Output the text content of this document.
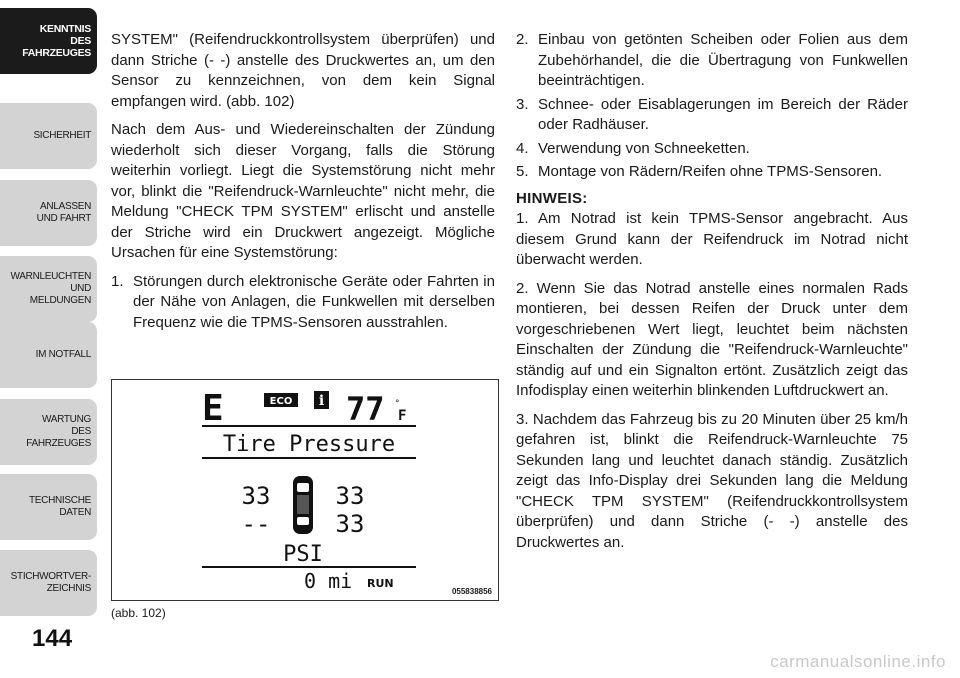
KENNTNIS
DES
FAHRZEUGES
SICHERHEIT
ANLASSEN
UND FAHRT
WARNLEUCHTEN
UND
MELDUNGEN
IM NOTFALL
WARTUNG
DES
FAHRZEUGES
TECHNISCHE
DATEN
STICHWORTVER-
ZEICHNIS
144

SYSTEM" (Reifendruckkontrollsystem überprüfen) und dann Striche (- -) anstelle des Druckwertes an, um den Sensor zu kennzeichnen, von dem kein Signal empfangen wird. (abb. 102)

Nach dem Aus- und Wiedereinschalten der Zündung wiederholt sich dieser Vorgang, falls die Störung weiterhin vorliegt. Liegt die Systemstörung nicht mehr vor, blinkt die "Reifendruck-Warnleuchte" nicht mehr, die Meldung "CHECK TPM SYSTEM" erlischt und anstelle der Striche wird ein Druckwert angezeigt. Mögliche Ursachen für eine Systemstörung:

1. Störungen durch elektronische Geräte oder Fahrten in der Nähe von Anlagen, die Funkwellen mit derselben Frequenz wie die TPMS-Sensoren ausstrahlen.
E	ECO i 77 °
F
Tire Pressure
33	33
--	33
PSI
0 mi RUN
055838856
(abb. 102)
2. Einbau von getönten Scheiben oder Folien aus dem Zubehörhandel, die die Übertragung von Funkwellen beeinträchtigen.
3. Schnee- oder Eisablagerungen im Bereich der Räder oder Radhäuser.
4. Verwendung von Schneeketten.
5. Montage von Rädern/Reifen ohne TPMS-Sensoren.
HINWEIS:

1. Am Notrad ist kein TPMS-Sensor angebracht. Aus diesem Grund kann der Reifendruck im Notrad nicht überwacht werden.

2. Wenn Sie das Notrad anstelle eines normalen Rads montieren, bei dessen Reifen der Druck unter dem vorgeschriebenen Wert liegt, leuchtet beim nächsten Einschalten der Zündung die "Reifendruck-Warnleuchte" ständig auf und ein Signalton ertönt. Zusätzlich zeigt das Infodisplay einen weiterhin blinkenden Luftdruckwert an.

3. Nachdem das Fahrzeug bis zu 20 Minuten über 25 km/h gefahren ist, blinkt die Reifendruck-Warnleuchte 75 Sekunden lang und leuchtet danach ständig. Zusätzlich zeigt das Info-Display drei Sekunden lang die Meldung "CHECK TPM SYSTEM" (Reifendruckkontrollsystem überprüfen) und dann Striche (- -) anstelle des Druckwertes an.

carmanualsonline.info
